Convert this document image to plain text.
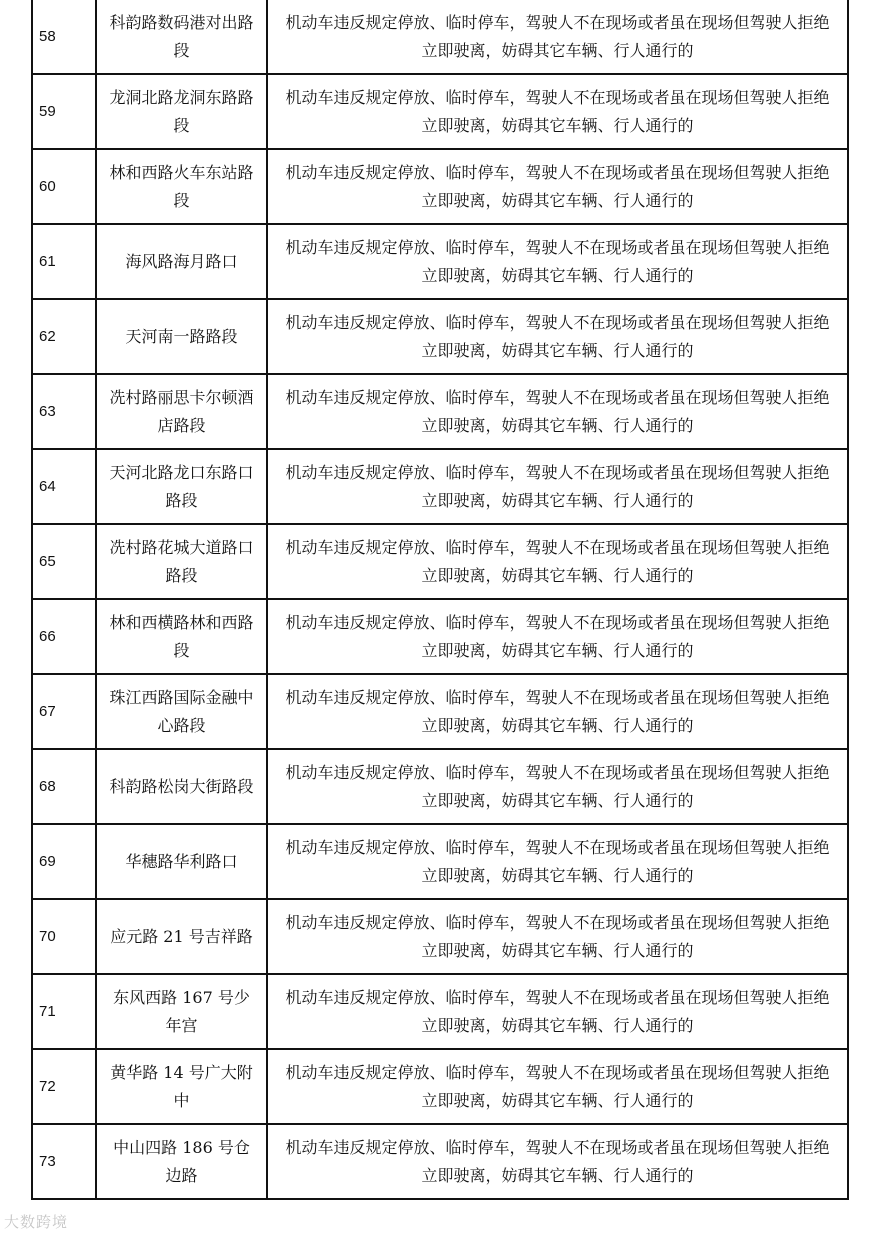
58	科韵路数码港对出路段	机动车违反规定停放、临时停车，驾驶人不在现场或者虽在现场但驾驶人拒绝立即驶离，妨碍其它车辆、行人通行的
59	龙洞北路龙洞东路路段	机动车违反规定停放、临时停车，驾驶人不在现场或者虽在现场但驾驶人拒绝立即驶离，妨碍其它车辆、行人通行的
60	林和西路火车东站路段	机动车违反规定停放、临时停车，驾驶人不在现场或者虽在现场但驾驶人拒绝立即驶离，妨碍其它车辆、行人通行的
61	海风路海月路口	机动车违反规定停放、临时停车，驾驶人不在现场或者虽在现场但驾驶人拒绝立即驶离，妨碍其它车辆、行人通行的
62	天河南一路路段	机动车违反规定停放、临时停车，驾驶人不在现场或者虽在现场但驾驶人拒绝立即驶离，妨碍其它车辆、行人通行的
63	冼村路丽思卡尔顿酒店路段	机动车违反规定停放、临时停车，驾驶人不在现场或者虽在现场但驾驶人拒绝立即驶离，妨碍其它车辆、行人通行的
64	天河北路龙口东路口路段	机动车违反规定停放、临时停车，驾驶人不在现场或者虽在现场但驾驶人拒绝立即驶离，妨碍其它车辆、行人通行的
65	冼村路花城大道路口路段	机动车违反规定停放、临时停车，驾驶人不在现场或者虽在现场但驾驶人拒绝立即驶离，妨碍其它车辆、行人通行的
66	林和西横路林和西路段	机动车违反规定停放、临时停车，驾驶人不在现场或者虽在现场但驾驶人拒绝立即驶离，妨碍其它车辆、行人通行的
67	珠江西路国际金融中心路段	机动车违反规定停放、临时停车，驾驶人不在现场或者虽在现场但驾驶人拒绝立即驶离，妨碍其它车辆、行人通行的
68	科韵路松岗大街路段	机动车违反规定停放、临时停车，驾驶人不在现场或者虽在现场但驾驶人拒绝立即驶离，妨碍其它车辆、行人通行的
69	华穗路华利路口	机动车违反规定停放、临时停车，驾驶人不在现场或者虽在现场但驾驶人拒绝立即驶离，妨碍其它车辆、行人通行的
70	应元路 21 号吉祥路	机动车违反规定停放、临时停车，驾驶人不在现场或者虽在现场但驾驶人拒绝立即驶离，妨碍其它车辆、行人通行的
71	东风西路 167 号少年宫	机动车违反规定停放、临时停车，驾驶人不在现场或者虽在现场但驾驶人拒绝立即驶离，妨碍其它车辆、行人通行的
72	黄华路 14 号广大附中	机动车违反规定停放、临时停车，驾驶人不在现场或者虽在现场但驾驶人拒绝立即驶离，妨碍其它车辆、行人通行的
73	中山四路 186 号仓边路	机动车违反规定停放、临时停车，驾驶人不在现场或者虽在现场但驾驶人拒绝立即驶离，妨碍其它车辆、行人通行的
大数跨境
